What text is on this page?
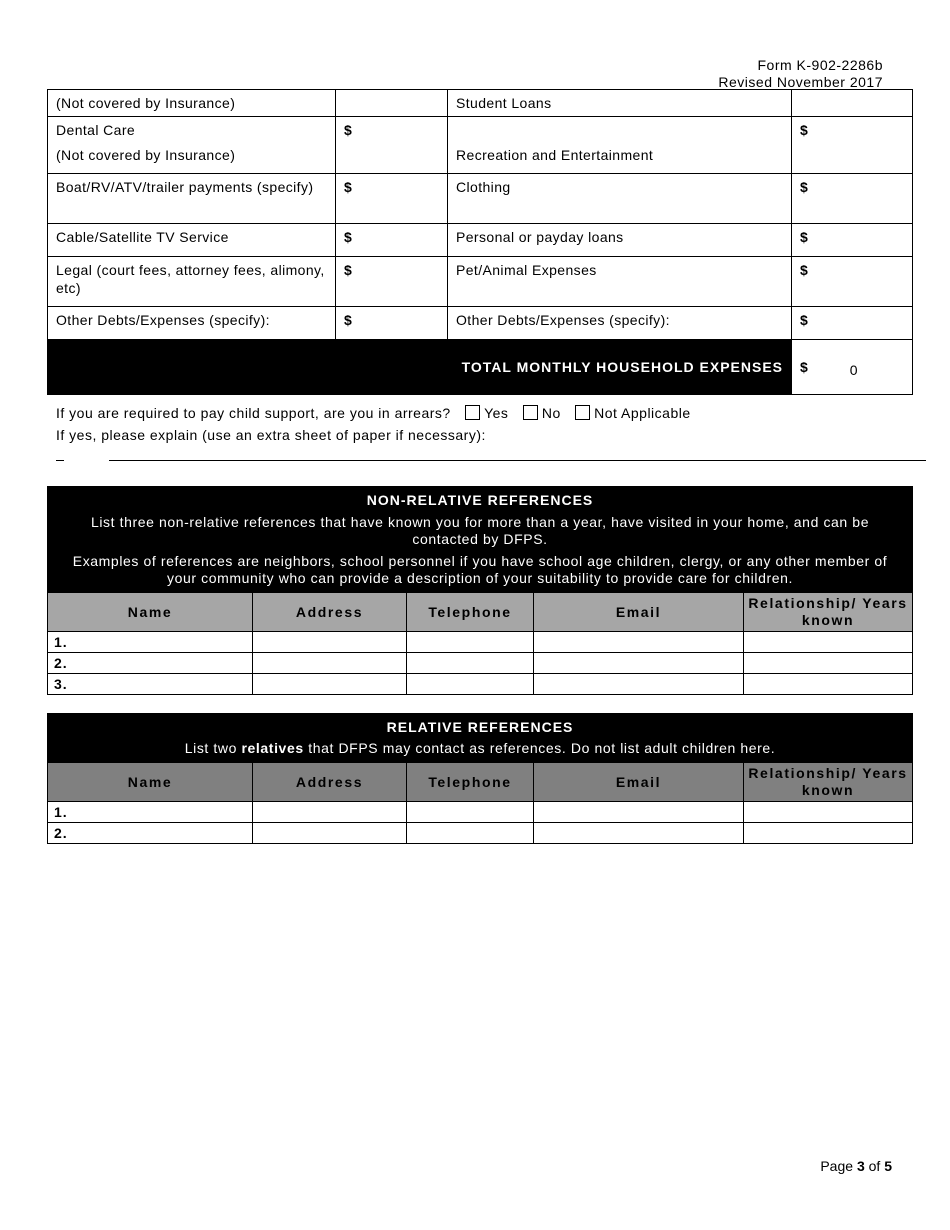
Form K-902-2286b
Revised November 2017
(Not covered by Insurance)		Student Loans	
Dental Care
(Not covered by Insurance)	$	Recreation and Entertainment	$
Boat/RV/ATV/trailer payments (specify)	$	Clothing	$
Cable/Satellite TV Service	$	Personal or payday loans	$
Legal (court fees, attorney fees, alimony, etc)	$	Pet/Animal Expenses	$
Other Debts/Expenses (specify):	$	Other Debts/Expenses (specify):	$
TOTAL MONTHLY HOUSEHOLD EXPENSES			$ 0
If you are required to pay child support, are you in arrears? Yes No Not Applicable
If yes, please explain (use an extra sheet of paper if necessary):
NON-RELATIVE REFERENCES
List three non-relative references that have known you for more than a year, have visited in your home, and can be contacted by DFPS.
Examples of references are neighbors, school personnel if you have school age children, clergy, or any other member of your community who can provide a description of your suitability to provide care for children.				

Name	Address	Telephone	Email	Relationship/ Years known
1.				
2.				
3.				
RELATIVE REFERENCES
List two relatives that DFPS may contact as references. Do not list adult children here.				

Name	Address	Telephone	Email	Relationship/ Years known
1.				
2.				
Page 3 of 5
